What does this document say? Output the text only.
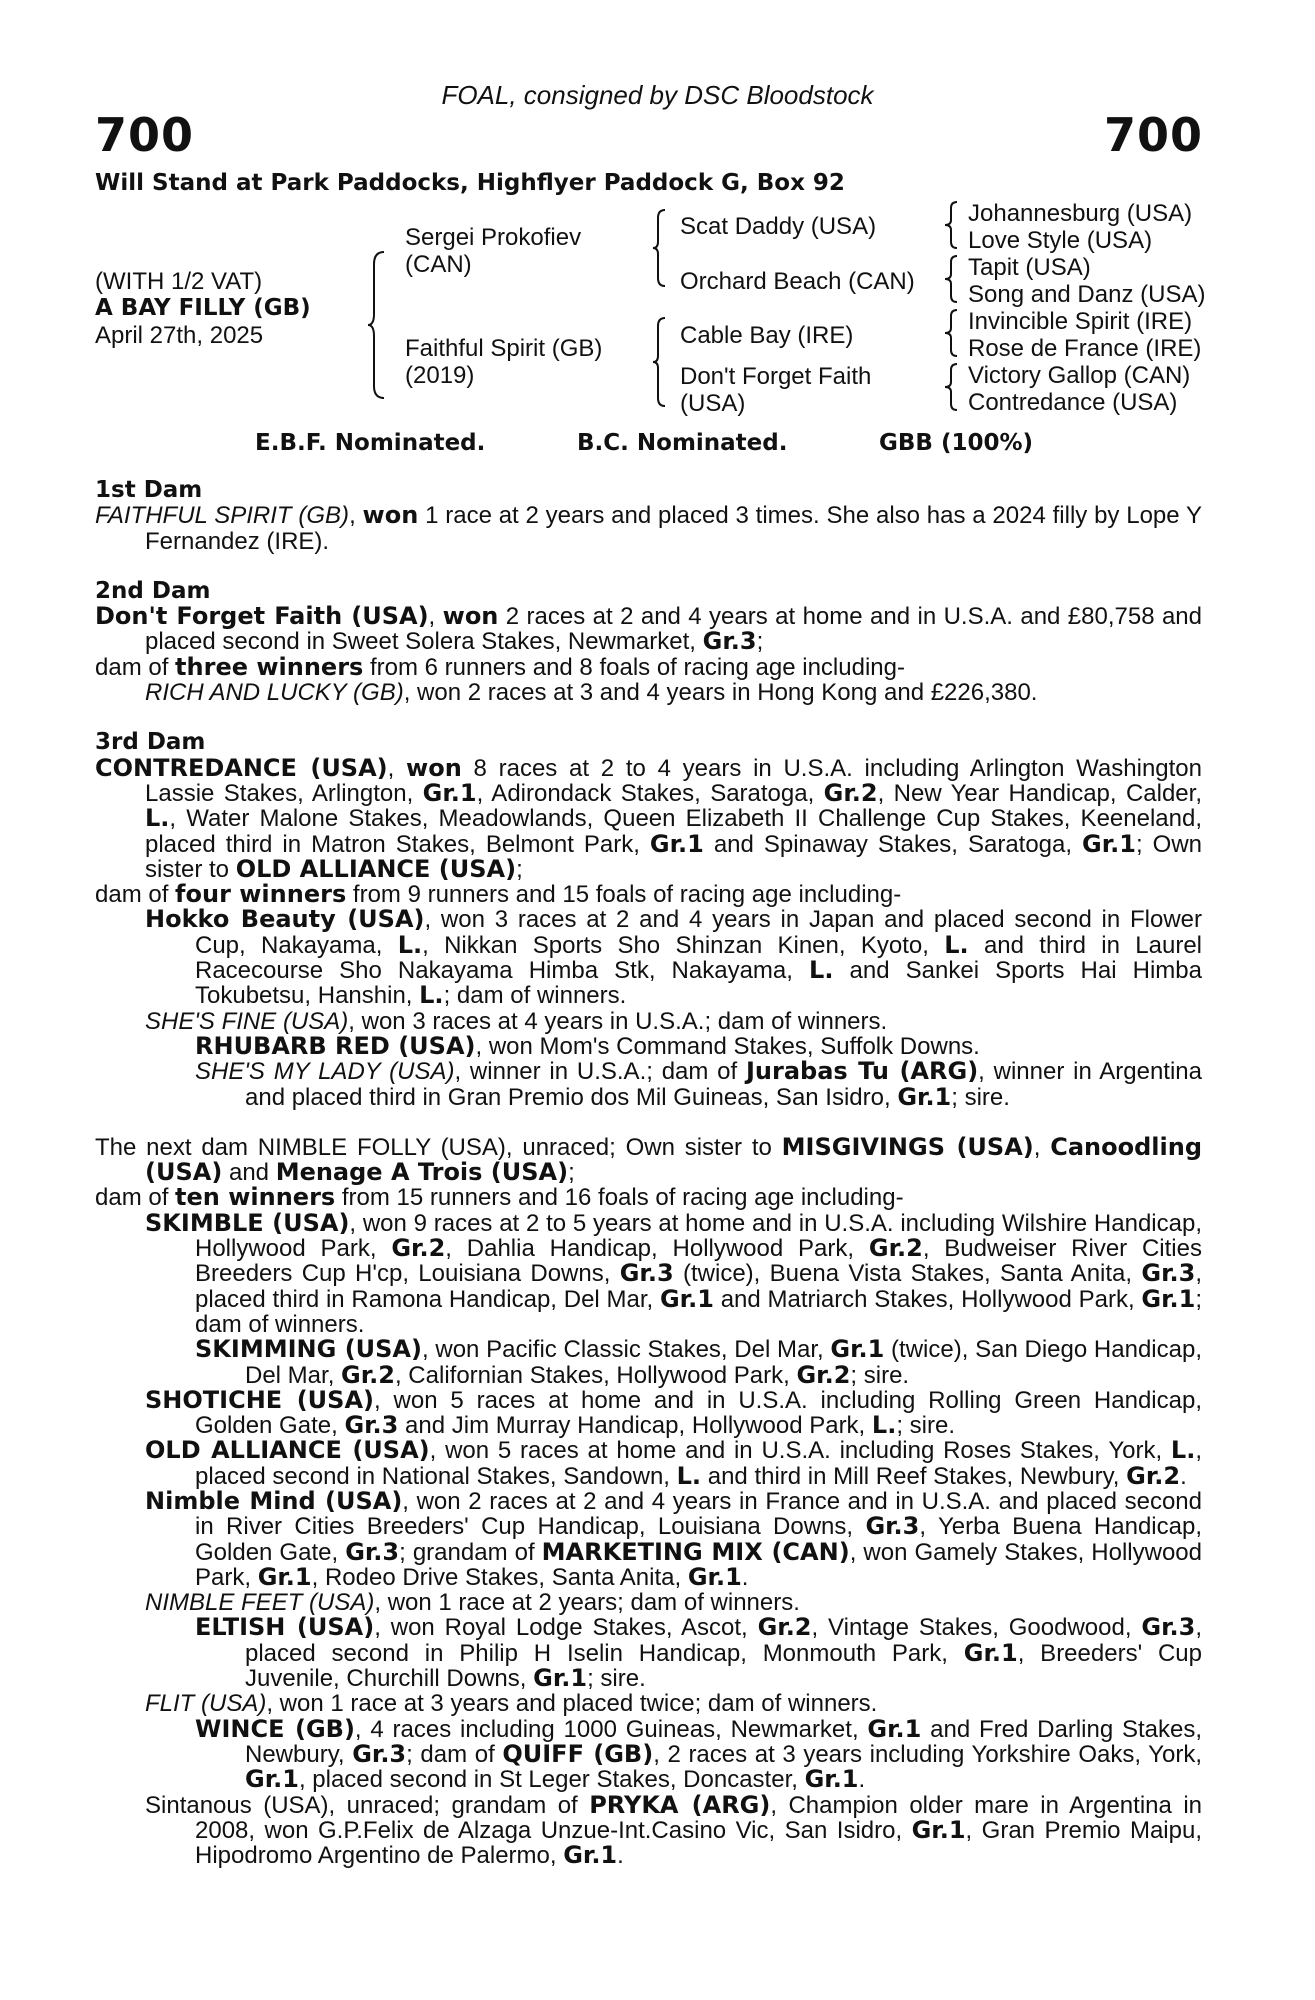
FOAL, consigned by DSC Bloodstock
700	700
Will Stand at Park Paddocks, Highflyer Paddock G, Box 92
(WITH 1/2 VAT)
A BAY FILLY (GB)
April 27th, 2025
Sergei Prokofiev
(CAN)
Faithful Spirit (GB)
(2019)
Scat Daddy (USA)
Orchard Beach (CAN)
Cable Bay (IRE)
Don't Forget Faith
(USA)
Johannesburg (USA)
Love Style (USA)
Tapit (USA)
Song and Danz (USA)
Invincible Spirit (IRE)
Rose de France (IRE)
Victory Gallop (CAN)
Contredance (USA)
E.B.F. Nominated.	B.C. Nominated.	GBB (100%)
1st Dam
FAITHFUL SPIRIT (GB), won 1 race at 2 years and placed 3 times. She also has a 2024 filly by Lope Y Fernandez (IRE).
2nd Dam
Don't Forget Faith (USA), won 2 races at 2 and 4 years at home and in U.S.A. and £80,758 and placed second in Sweet Solera Stakes, Newmarket, Gr.3;
dam of three winners from 6 runners and 8 foals of racing age including-
RICH AND LUCKY (GB), won 2 races at 3 and 4 years in Hong Kong and £226,380.
3rd Dam
CONTREDANCE (USA), won 8 races at 2 to 4 years in U.S.A. including Arlington Washington Lassie Stakes, Arlington, Gr.1, Adirondack Stakes, Saratoga, Gr.2, New Year Handicap, Calder, L., Water Malone Stakes, Meadowlands, Queen Elizabeth II Challenge Cup Stakes, Keeneland, placed third in Matron Stakes, Belmont Park, Gr.1 and Spinaway Stakes, Saratoga, Gr.1; Own sister to OLD ALLIANCE (USA);
dam of four winners from 9 runners and 15 foals of racing age including-
Hokko Beauty (USA), won 3 races at 2 and 4 years in Japan and placed second in Flower Cup, Nakayama, L., Nikkan Sports Sho Shinzan Kinen, Kyoto, L. and third in Laurel Racecourse Sho Nakayama Himba Stk, Nakayama, L. and Sankei Sports Hai Himba Tokubetsu, Hanshin, L.; dam of winners.
SHE'S FINE (USA), won 3 races at 4 years in U.S.A.; dam of winners.
RHUBARB RED (USA), won Mom's Command Stakes, Suffolk Downs.
SHE'S MY LADY (USA), winner in U.S.A.; dam of Jurabas Tu (ARG), winner in Argentina and placed third in Gran Premio dos Mil Guineas, San Isidro, Gr.1; sire.
The next dam NIMBLE FOLLY (USA), unraced; Own sister to MISGIVINGS (USA), Canoodling (USA) and Menage A Trois (USA);
dam of ten winners from 15 runners and 16 foals of racing age including-
SKIMBLE (USA), won 9 races at 2 to 5 years at home and in U.S.A. including Wilshire Handicap, Hollywood Park, Gr.2, Dahlia Handicap, Hollywood Park, Gr.2, Budweiser River Cities Breeders Cup H'cp, Louisiana Downs, Gr.3 (twice), Buena Vista Stakes, Santa Anita, Gr.3, placed third in Ramona Handicap, Del Mar, Gr.1 and Matriarch Stakes, Hollywood Park, Gr.1; dam of winners.
SKIMMING (USA), won Pacific Classic Stakes, Del Mar, Gr.1 (twice), San Diego Handicap, Del Mar, Gr.2, Californian Stakes, Hollywood Park, Gr.2; sire.
SHOTICHE (USA), won 5 races at home and in U.S.A. including Rolling Green Handicap, Golden Gate, Gr.3 and Jim Murray Handicap, Hollywood Park, L.; sire.
OLD ALLIANCE (USA), won 5 races at home and in U.S.A. including Roses Stakes, York, L., placed second in National Stakes, Sandown, L. and third in Mill Reef Stakes, Newbury, Gr.2.
Nimble Mind (USA), won 2 races at 2 and 4 years in France and in U.S.A. and placed second in River Cities Breeders' Cup Handicap, Louisiana Downs, Gr.3, Yerba Buena Handicap, Golden Gate, Gr.3; grandam of MARKETING MIX (CAN), won Gamely Stakes, Hollywood Park, Gr.1, Rodeo Drive Stakes, Santa Anita, Gr.1.
NIMBLE FEET (USA), won 1 race at 2 years; dam of winners.
ELTISH (USA), won Royal Lodge Stakes, Ascot, Gr.2, Vintage Stakes, Goodwood, Gr.3, placed second in Philip H Iselin Handicap, Monmouth Park, Gr.1, Breeders' Cup Juvenile, Churchill Downs, Gr.1; sire.
FLIT (USA), won 1 race at 3 years and placed twice; dam of winners.
WINCE (GB), 4 races including 1000 Guineas, Newmarket, Gr.1 and Fred Darling Stakes, Newbury, Gr.3; dam of QUIFF (GB), 2 races at 3 years including Yorkshire Oaks, York, Gr.1, placed second in St Leger Stakes, Doncaster, Gr.1.
Sintanous (USA), unraced; grandam of PRYKA (ARG), Champion older mare in Argentina in 2008, won G.P.Felix de Alzaga Unzue-Int.Casino Vic, San Isidro, Gr.1, Gran Premio Maipu, Hipodromo Argentino de Palermo, Gr.1.
